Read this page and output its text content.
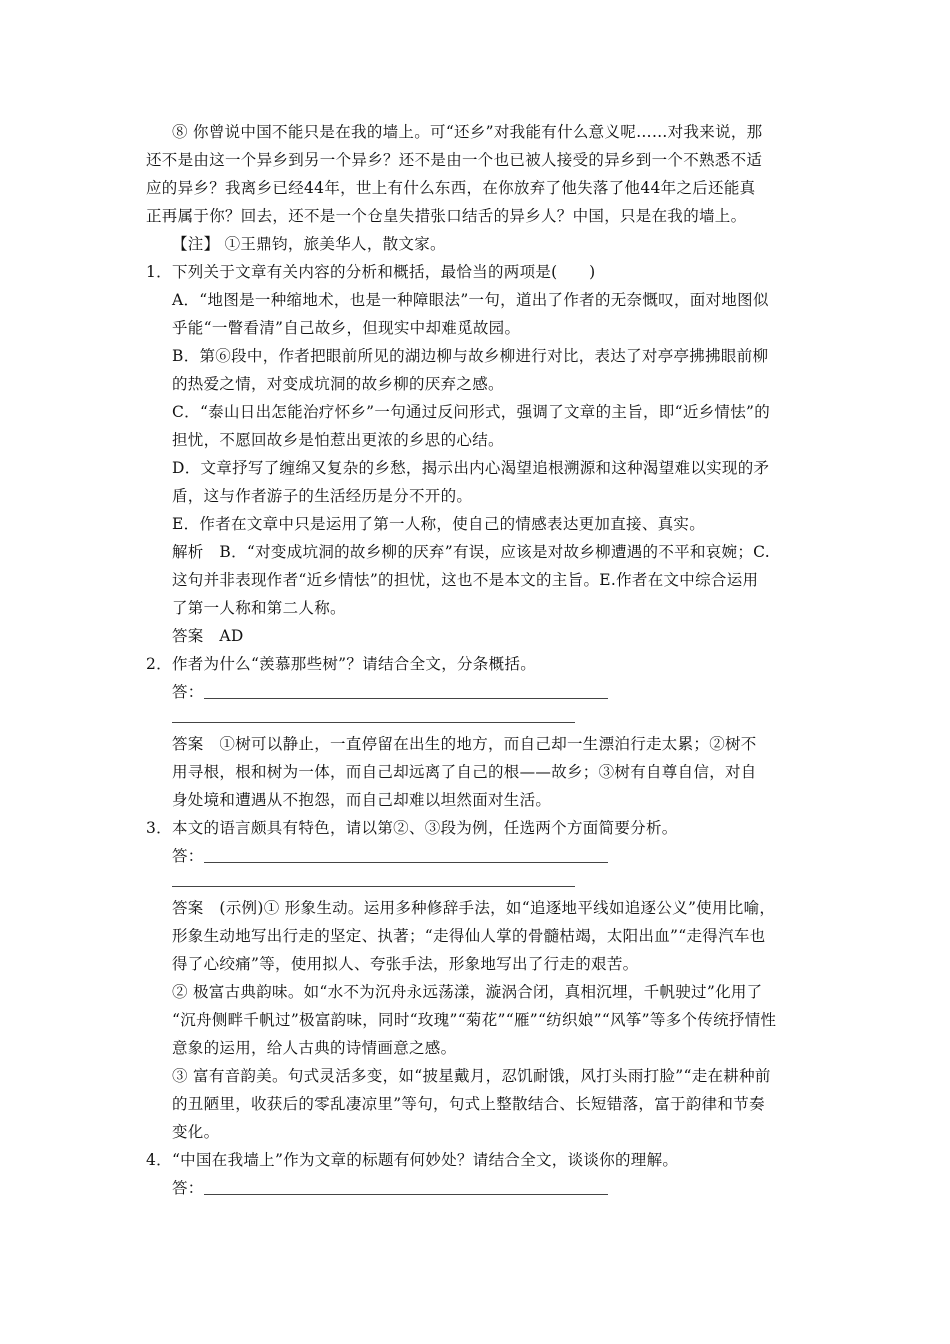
⑧ 你曾说中国不能只是在我的墙上。可“还乡”对我能有什么意义呢……对我来说，那
还不是由这一个异乡到另一个异乡？还不是由一个也已被人接受的异乡到一个不熟悉不适
应的异乡？我离乡已经44年，世上有什么东西，在你放弃了他失落了他44年之后还能真
正再属于你？回去，还不是一个仓皇失措张口结舌的异乡人？中国，只是在我的墙上。
【注】 ①王鼎钧，旅美华人，散文家。
1．下列关于文章有关内容的分析和概括，最恰当的两项是(　　)
A．“地图是一种缩地术，也是一种障眼法”一句，道出了作者的无奈慨叹，面对地图似
乎能“一瞥看清”自己故乡，但现实中却难觅故园。
B．第⑥段中，作者把眼前所见的湖边柳与故乡柳进行对比，表达了对亭亭拂拂眼前柳
的热爱之情，对变成坑洞的故乡柳的厌弃之感。
C．“泰山日出怎能治疗怀乡”一句通过反问形式，强调了文章的主旨，即“近乡情怯”的
担忧，不愿回故乡是怕惹出更浓的乡思的心结。
D．文章抒写了缠绵又复杂的乡愁，揭示出内心渴望追根溯源和这种渴望难以实现的矛
盾，这与作者游子的生活经历是分不开的。
E．作者在文章中只是运用了第一人称，使自己的情感表达更加直接、真实。
解析　B．“对变成坑洞的故乡柳的厌弃”有误，应该是对故乡柳遭遇的不平和哀婉；C.
这句并非表现作者“近乡情怯”的担忧，这也不是本文的主旨。E.作者在文中综合运用
了第一人称和第二人称。
答案　AD
2．作者为什么“羡慕那些树”？请结合全文，分条概括。
答：
答案　①树可以静止，一直停留在出生的地方，而自己却一生漂泊行走太累；②树不
用寻根，根和树为一体，而自己却远离了自己的根——故乡；③树有自尊自信，对自
身处境和遭遇从不抱怨，而自己却难以坦然面对生活。
3．本文的语言颇具有特色，请以第②、③段为例，任选两个方面简要分析。
答：
答案　(示例)① 形象生动。运用多种修辞手法，如“追逐地平线如追逐公义”使用比喻，
形象生动地写出行走的坚定、执著；“走得仙人掌的骨髓枯竭，太阳出血”“走得汽车也
得了心绞痛”等，使用拟人、夸张手法，形象地写出了行走的艰苦。
② 极富古典韵味。如“水不为沉舟永远荡漾，漩涡合闭，真相沉埋，千帆驶过”化用了
“沉舟侧畔千帆过”极富韵味，同时“玫瑰”“菊花”“雁”“纺织娘”“风筝”等多个传统抒情性
意象的运用，给人古典的诗情画意之感。
③ 富有音韵美。句式灵活多变，如“披星戴月，忍饥耐饿，风打头雨打脸”“走在耕种前
的丑陋里，收获后的零乱凄凉里”等句，句式上整散结合、长短错落，富于韵律和节奏
变化。
4．“中国在我墙上”作为文章的标题有何妙处？请结合全文，谈谈你的理解。
答：
